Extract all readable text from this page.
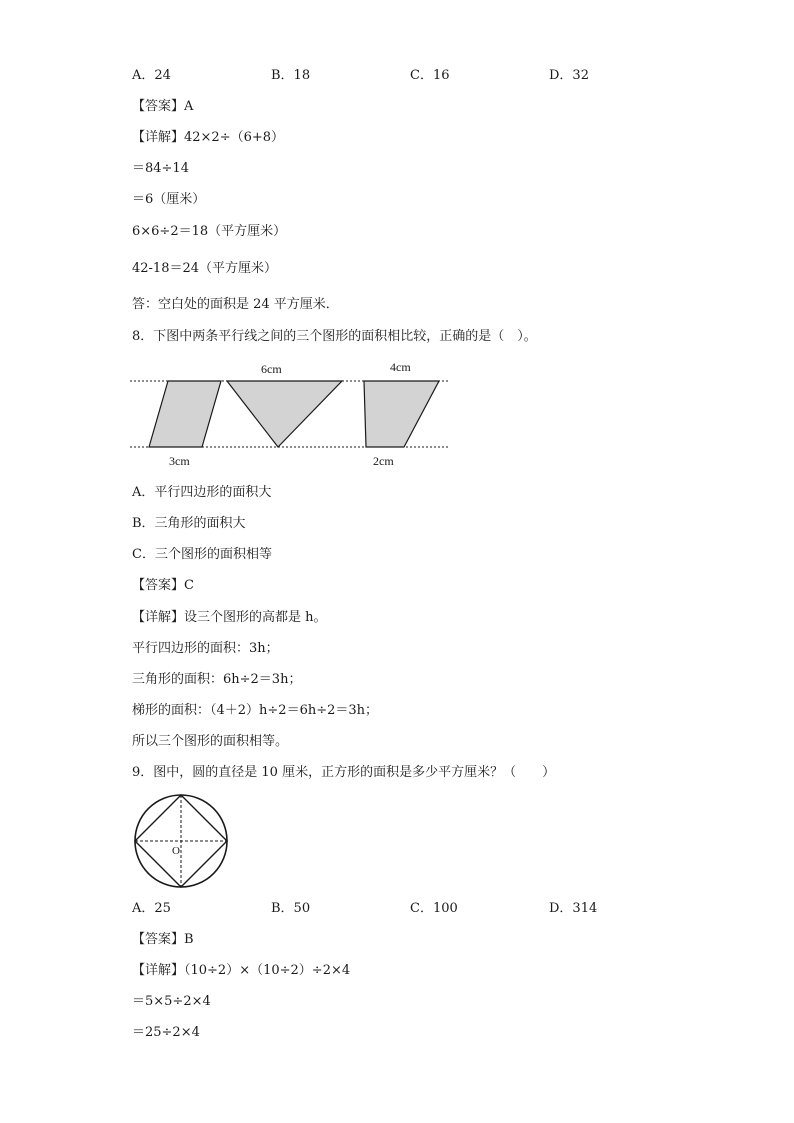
A．24	B．18	C．16	D．32
【答案】A
【详解】42×2÷（6+8）
＝84÷14
＝6（厘米）
6×6÷2＝18（平方厘米）
42-18＝24（平方厘米）
答：空白处的面积是 24 平方厘米．
8．下图中两条平行线之间的三个图形的面积相比较，正确的是（　）。
6cm	4cm
3cm	2cm
A．平行四边形的面积大
B．三角形的面积大
C．三个图形的面积相等
【答案】C
【详解】设三个图形的高都是 h。
平行四边形的面积：3h；
三角形的面积：6h÷2＝3h；
梯形的面积：（4＋2）h÷2＝6h÷2＝3h；
所以三个图形的面积相等。
9．图中，圆的直径是 10 厘米，正方形的面积是多少平方厘米？（　　）
O
A．25	B．50	C．100	D．314
【答案】B
【详解】（10÷2）×（10÷2）÷2×4
＝5×5÷2×4
＝25÷2×4
